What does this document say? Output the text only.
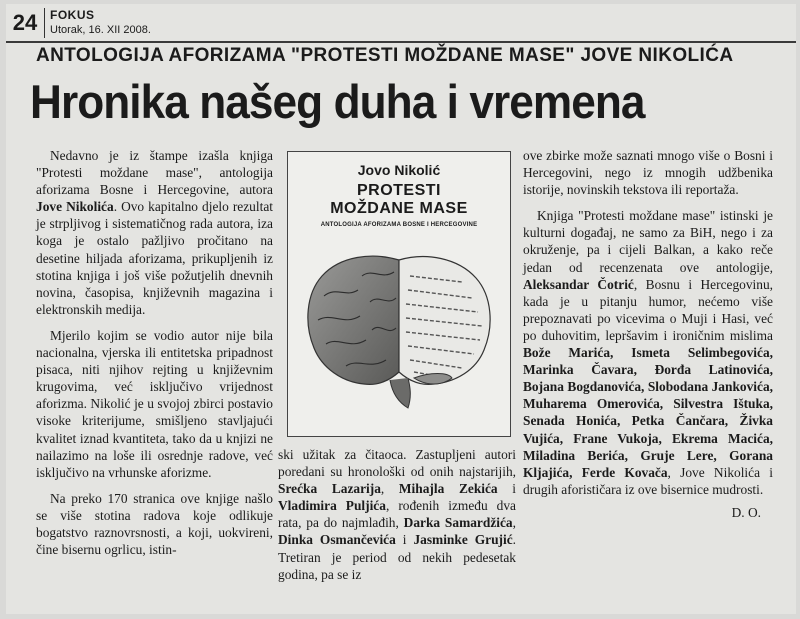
24	FOKUS
Utorak, 16. XII 2008.
ANTOLOGIJA AFORIZAMA "PROTESTI MOŽDANE MASE" JOVE NIKOLIĆA
Hronika našeg duha i vremena

Nedavno je iz štampe izašla knjiga "Protesti moždane mase", antologija aforizama Bosne i Hercegovine, autora Jove Nikolića. Ovo kapitalno djelo rezultat je strpljivog i sistematičnog rada autora, iza koga je ostalo pažljivo pročitano na desetine hiljada aforizama, prikupljenih iz stotina knjiga i još više požutjelih dnevnih novina, časopisa, književnih magazina i elektronskih medija.

Mjerilo kojim se vodio autor nije bila nacionalna, vjerska ili entitetska pripadnost pisaca, niti njihov rejting u književnim krugovima, već isključivo vrijednost aforizma. Nikolić je u svojoj zbirci postavio visoke kriterijume, smišljeno stavljajući kvalitet iznad kvantiteta, tako da u knjizi ne nailazimo na loše ili osrednje radove, već isključivo na vrhunske aforizme.

Na preko 170 stranica ove knjige našlo se više stotina radova koje odlikuje bogatstvo raznovrsnosti, a koji, uokvireni, čine bisernu ogrlicu, istin-

Jovo Nikolić
PROTESTI
MOŽDANE MASE
ANTOLOGIJA AFORIZAMA BOSNE I HERCEGOVINE

ski užitak za čitaoca. Zastupljeni autori poredani su hronološki od onih najstarijih, Srećka Lazarija, Mihajla Zekića i Vladimira Puljića, rođenih između dva rata, pa do najmlađih, Darka Samardžića, Dinka Osmančevića i Jasminke Grujić. Tretiran je period od nekih pedesetak godina, pa se iz

ove zbirke može saznati mnogo više o Bosni i Hercegovini, nego iz mnogih udžbenika istorije, novinskih tekstova ili reportaža.

Knjiga "Protesti moždane mase" istinski je kulturni događaj, ne samo za BiH, nego i za okruženje, pa i cijeli Balkan, a kako reče jedan od recenzenata ove antologije, Aleksandar Čotrić, Bosnu i Hercegovinu, kada je u pitanju humor, nećemo više prepoznavati po vicevima o Muji i Hasi, već po duhovitim, lepršavim i ironičnim mislima Bože Marića, Ismeta Selimbegovića, Marinka Čavara, Đorđa Latinovića, Bojana Bogdanovića, Slobodana Jankovića, Muharema Omerovića, Silvestra Ištuka, Senada Honića, Petka Čančara, Živka Vujića, Frane Vukoja, Ekrema Macića, Miladina Berića, Gruje Lere, Gorana Kljajića, Ferde Kovača, Jove Nikolića i drugih aforističara iz ove bisernice mudrosti.

D. O.
